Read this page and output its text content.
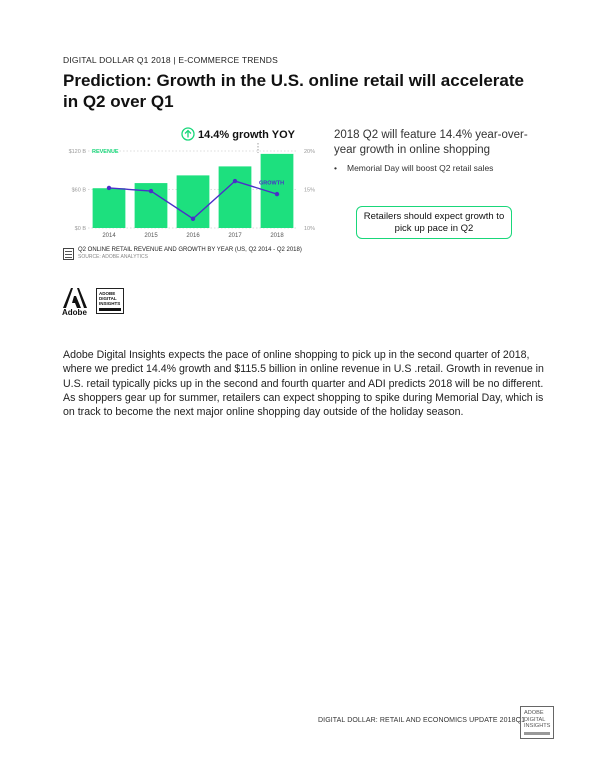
DIGITAL DOLLAR Q1 2018 | E-COMMERCE TRENDS
Prediction: Growth in the U.S. online retail will accelerate in Q2 over Q1
14.4% growth YOY
$0 B
$60 B
$120 B
10%
15%
20%
2014	2015	2016	2017	2018
REVENUE
GROWTH
2018 Q2 will feature 14.4% year-over-year growth in online shopping
• Memorial Day will boost Q2 retail sales
Retailers should expect growth to pick up pace in Q2
Q2 ONLINE RETAIL REVENUE AND GROWTH BY YEAR (US, Q2 2014 - Q2 2018)
SOURCE: ADOBE ANALYTICS
Adobe
ADOBE
DIGITAL
INSIGHTS
Adobe Digital Insights expects the pace of online shopping to pick up in the second quarter of 2018, where we predict 14.4% growth and $115.5 billion in online revenue in U.S .retail. Growth in revenue in U.S. retail typically picks up in the second and fourth quarter and ADI predicts 2018 will be no different. As shoppers gear up for summer, retailers can expect shopping to spike during Memorial Day, which is on track to become the next major online shopping day outside of the holiday season.
DIGITAL DOLLAR: RETAIL AND ECONOMICS UPDATE 2018Q1
ADOBE
DIGITAL
INSIGHTS
